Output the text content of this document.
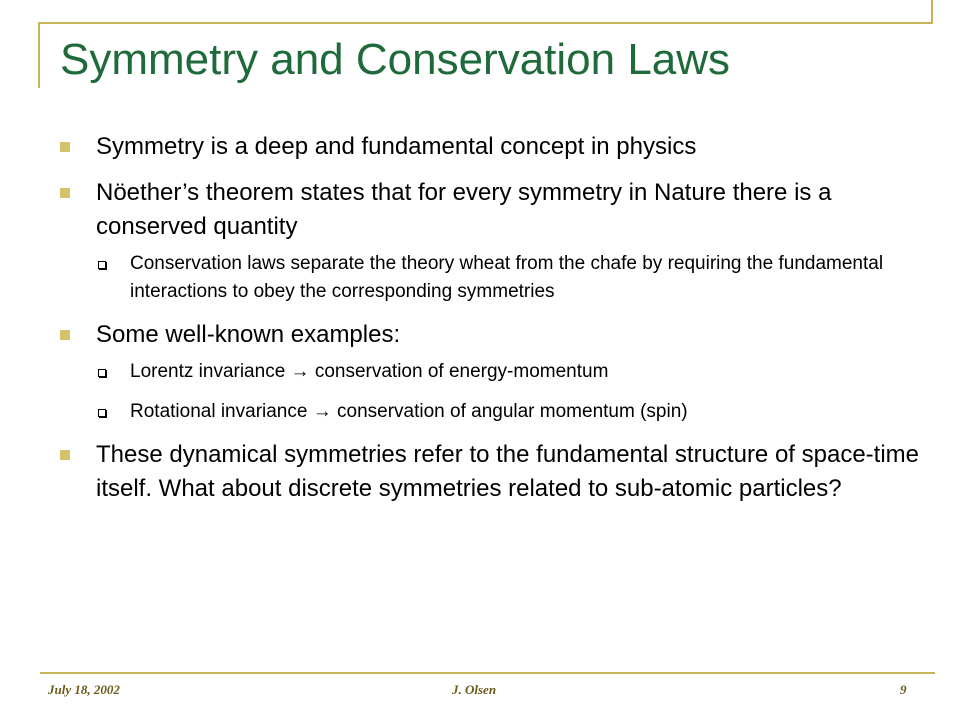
Symmetry and Conservation Laws
Symmetry is a deep and fundamental concept in physics
Nöether’s theorem states that for every symmetry in Nature there is a conserved quantity
Conservation laws separate the theory wheat from the chafe by requiring the fundamental interactions to obey the corresponding symmetries
Some well-known examples:
Lorentz invariance → conservation of energy-momentum
Rotational invariance → conservation of angular momentum (spin)
These dynamical symmetries refer to the fundamental structure of space-time itself. What about discrete symmetries related to sub-atomic particles?
July 18, 2002	J. Olsen	9
